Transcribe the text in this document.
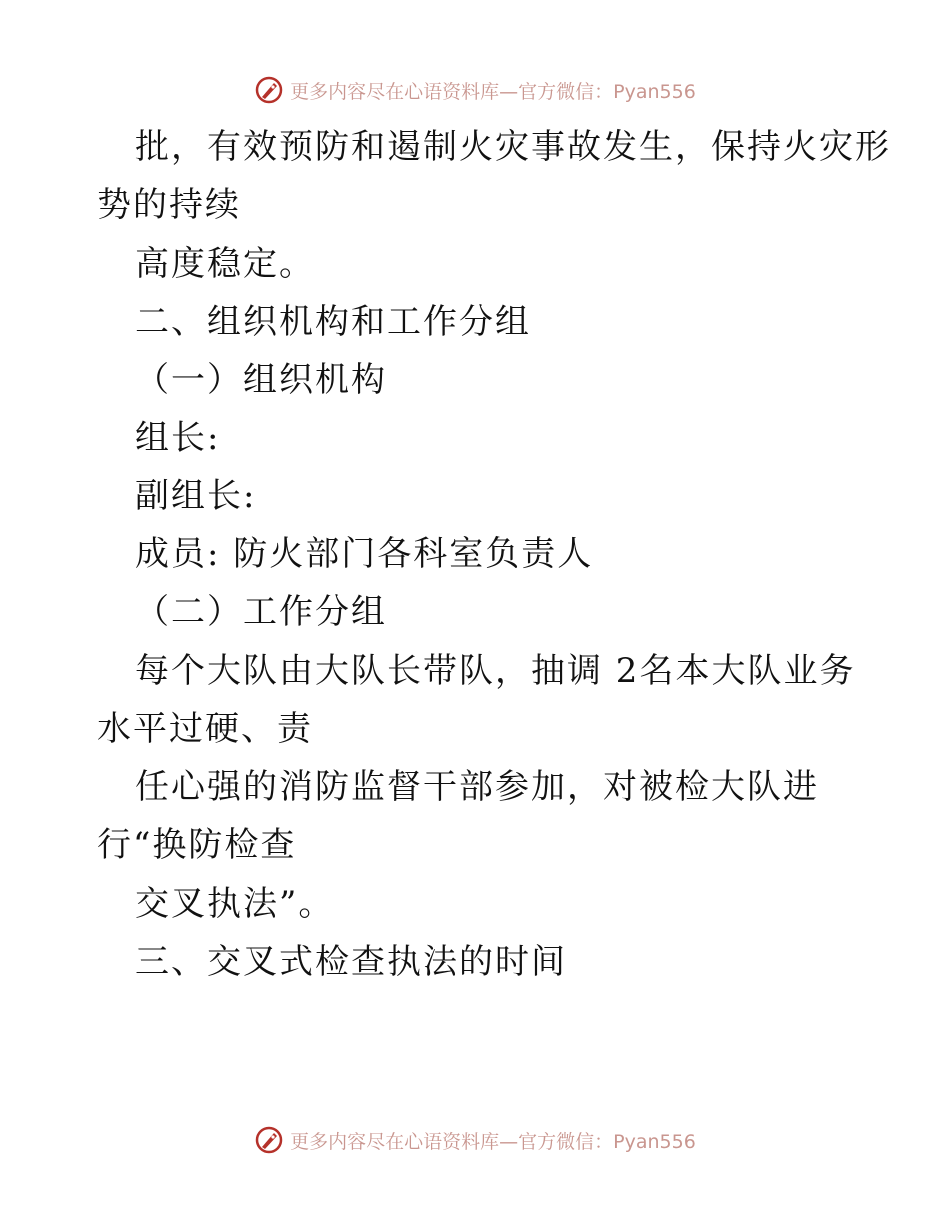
更多内容尽在心语资料库—官方微信：Pyan556
批，有效预防和遏制火灾事故发生，保持火灾形
势的持续
高度稳定。
二、组织机构和工作分组
（一）组织机构
组长:
副组长:
成员: 防火部门各科室负责人
（二）工作分组
每个大队由大队长带队，抽调 2名本大队业务
水平过硬、责
任心强的消防监督干部参加，对被检大队进
行“换防检查
交叉执法”。
三、交叉式检查执法的时间
更多内容尽在心语资料库—官方微信：Pyan556
